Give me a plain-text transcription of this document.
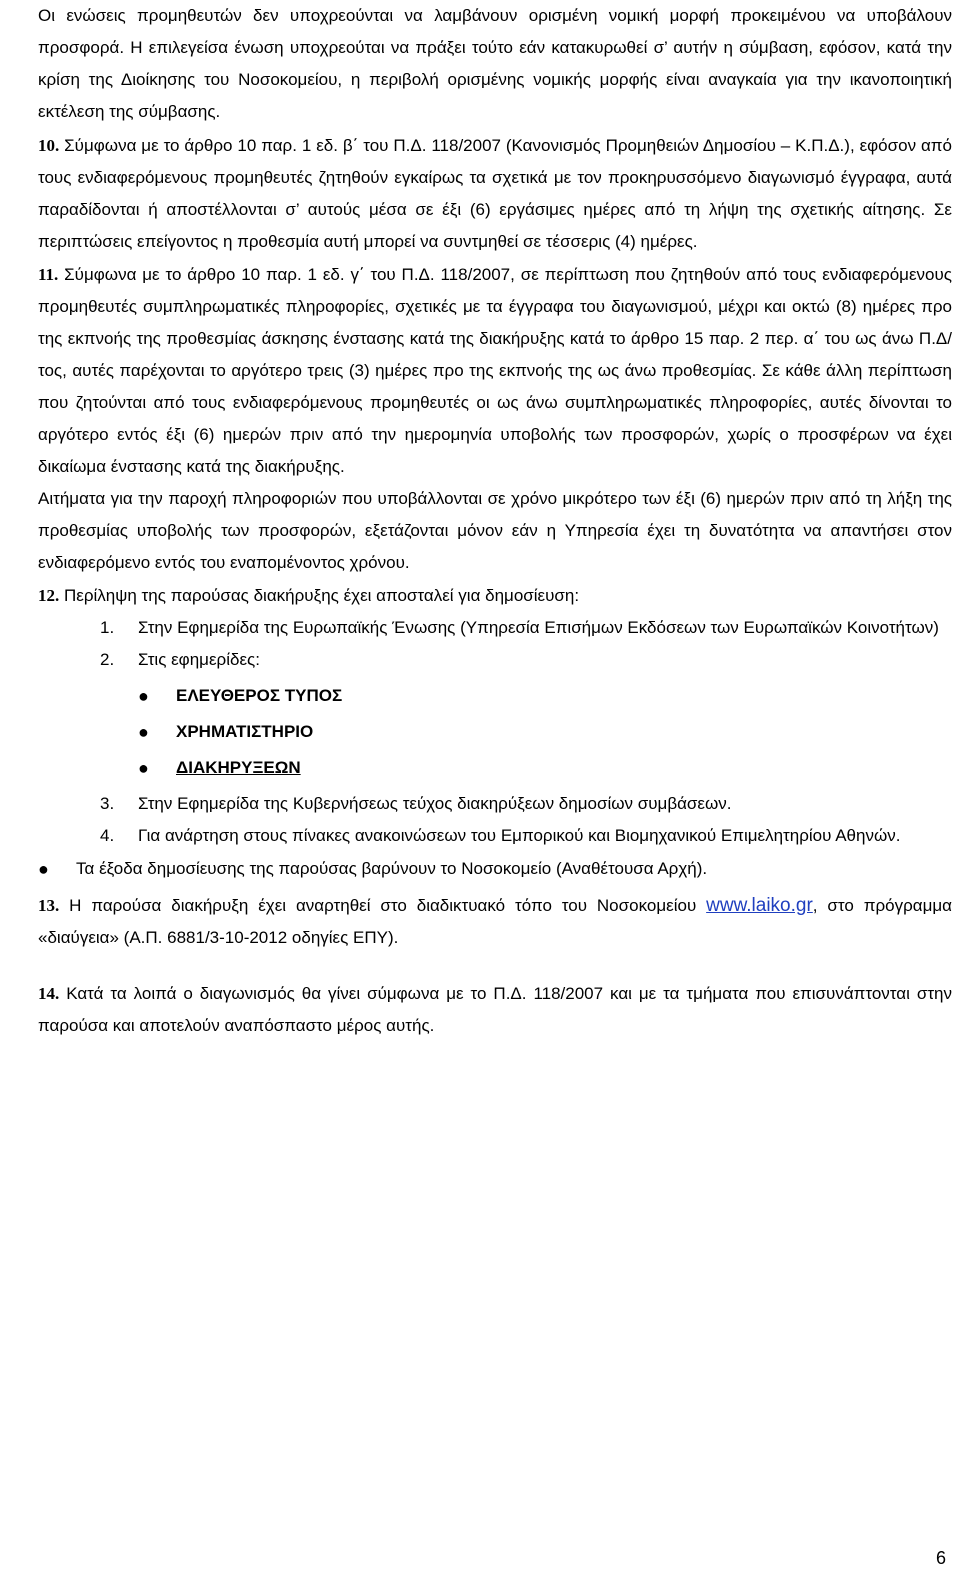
Οι ενώσεις προμηθευτών δεν υποχρεούνται να λαμβάνουν ορισμένη νομική μορφή προκειμένου να υποβάλουν προσφορά. Η επιλεγείσα ένωση υποχρεούται να πράξει τούτο εάν κατακυρωθεί σ’ αυτήν η σύμβαση, εφόσον, κατά την κρίση της Διοίκησης του Νοσοκομείου, η περιβολή ορισμένης νομικής μορφής είναι αναγκαία για την ικανοποιητική εκτέλεση της σύμβασης.

10. Σύμφωνα με το άρθρο 10 παρ. 1 εδ. β΄ του Π.Δ. 118/2007 (Κανονισμός Προμηθειών Δημοσίου – Κ.Π.Δ.), εφόσον από τους ενδιαφερόμενους προμηθευτές ζητηθούν εγκαίρως τα σχετικά με τον προκηρυσσόμενο διαγωνισμό έγγραφα, αυτά παραδίδονται ή αποστέλλονται σ’ αυτούς μέσα σε έξι (6) εργάσιμες ημέρες από τη λήψη της σχετικής αίτησης. Σε περιπτώσεις επείγοντος η προθεσμία αυτή μπορεί να συντμηθεί σε τέσσερις (4) ημέρες.

11. Σύμφωνα με το άρθρο 10 παρ. 1 εδ. γ΄ του Π.Δ. 118/2007, σε περίπτωση που ζητηθούν από τους ενδιαφερόμενους προμηθευτές συμπληρωματικές πληροφορίες, σχετικές με τα έγγραφα του διαγωνισμού, μέχρι και οκτώ (8) ημέρες προ της εκπνοής της προθεσμίας άσκησης ένστασης κατά της διακήρυξης κατά το άρθρο 15 παρ. 2 περ. α΄ του ως άνω Π.Δ/τος, αυτές παρέχονται το αργότερο τρεις (3) ημέρες προ της εκπνοής της ως άνω προθεσμίας. Σε κάθε άλλη περίπτωση που ζητούνται από τους ενδιαφερόμενους προμηθευτές οι ως άνω συμπληρωματικές πληροφορίες, αυτές δίνονται το αργότερο εντός έξι (6) ημερών πριν από την ημερομηνία υποβολής των προσφορών, χωρίς ο προσφέρων να έχει δικαίωμα ένστασης κατά της διακήρυξης.

Αιτήματα για την παροχή πληροφοριών που υποβάλλονται σε χρόνο μικρότερο των έξι (6) ημερών πριν από τη λήξη της προθεσμίας υποβολής των προσφορών, εξετάζονται μόνον εάν η Υπηρεσία έχει τη δυνατότητα να απαντήσει στον ενδιαφερόμενο εντός του εναπομένοντος χρόνου.

12. Περίληψη της παρούσας διακήρυξης έχει αποσταλεί για δημοσίευση:

1.	Στην Εφημερίδα της Ευρωπαϊκής Ένωσης (Υπηρεσία Επισήμων Εκδόσεων των Ευρωπαϊκών Κοινοτήτων)
2.	Στις εφημερίδες:
●	ΕΛΕΥΘΕΡΟΣ ΤΥΠΟΣ
●	ΧΡΗΜΑΤΙΣΤΗΡΙΟ
●	ΔΙΑΚΗΡΥΞΕΩΝ
3.	Στην Εφημερίδα της Κυβερνήσεως τεύχος διακηρύξεων δημοσίων συμβάσεων.
4.	Για ανάρτηση στους πίνακες ανακοινώσεων του Εμπορικού και Βιομηχανικού Επιμελητηρίου Αθηνών.
●	Τα έξοδα δημοσίευσης της παρούσας βαρύνουν το Νοσοκομείο (Αναθέτουσα Αρχή).

13. Η παρούσα διακήρυξη έχει αναρτηθεί στο διαδικτυακό τόπο του Νοσοκομείου www.laiko.gr, στο πρόγραμμα «διαύγεια» (Α.Π. 6881/3-10-2012 οδηγίες ΕΠΥ).

14. Κατά τα λοιπά ο διαγωνισμός θα γίνει σύμφωνα με το Π.Δ. 118/2007 και με τα τμήματα που επισυνάπτονται στην παρούσα και αποτελούν αναπόσπαστο μέρος αυτής.

6
